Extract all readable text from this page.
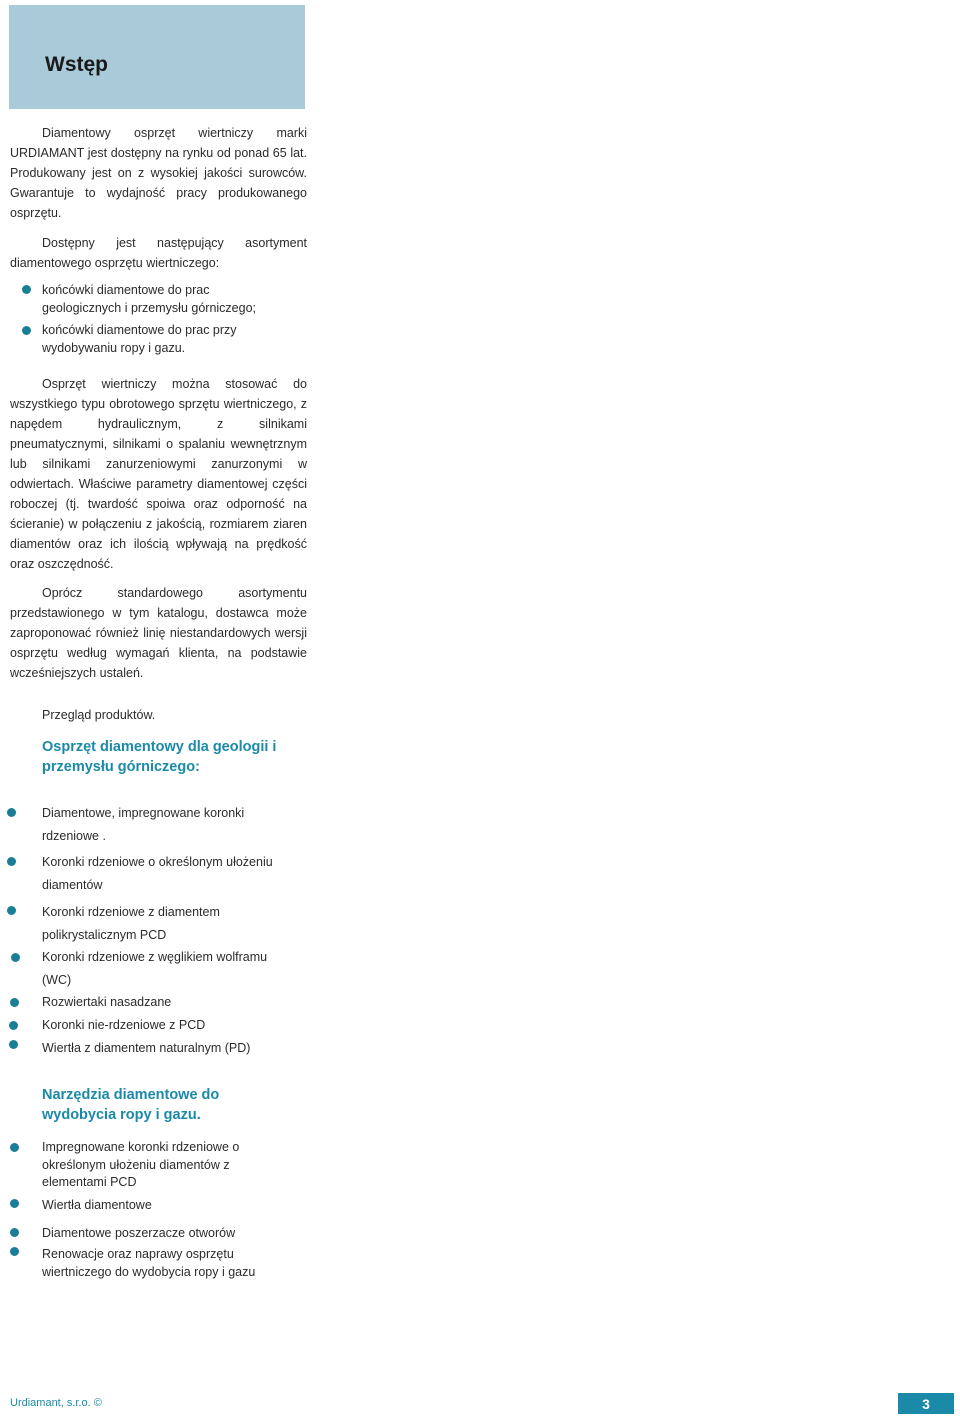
Wstęp

Diamentowy osprzęt wiertniczy marki URDIAMANT jest dostępny na rynku od ponad 65 lat. Produkowany jest on z wysokiej jakości surowców. Gwarantuje to wydajność pracy produkowanego osprzętu.

Dostępny jest następujący asortyment diamentowego osprzętu wiertniczego:

końcówki diamentowe do prac geologicznych i przemysłu górniczego;
końcówki diamentowe do prac przy wydobywaniu ropy i gazu.

Osprzęt wiertniczy można stosować do wszystkiego typu obrotowego sprzętu wiertniczego, z napędem hydraulicznym, z silnikami pneumatycznymi, silnikami o spalaniu wewnętrznym lub silnikami zanurzeniowymi zanurzonymi w odwiertach. Właściwe parametry diamentowej części roboczej (tj. twardość spoiwa oraz odporność na ścieranie) w połączeniu z jakością, rozmiarem ziaren diamentów oraz ich ilością wpływają na prędkość oraz oszczędność.

Oprócz standardowego asortymentu przedstawionego w tym katalogu, dostawca może zaproponować również linię niestandardowych wersji osprzętu według wymagań klienta, na podstawie wcześniejszych ustaleń.

Przegląd produktów.
Osprzęt diamentowy dla geologii i przemysłu górniczego:
Diamentowe, impregnowane koronki rdzeniowe .
Koronki rdzeniowe o określonym ułożeniu diamentów
Koronki rdzeniowe z diamentem polikrystalicznym PCD
Koronki rdzeniowe z węglikiem wolframu (WC)
Rozwiertaki nasadzane
Koronki nie-rdzeniowe z PCD
Wiertła z diamentem naturalnym (PD)
Narzędzia diamentowe do wydobycia ropy i gazu.
Impregnowane koronki rdzeniowe o określonym ułożeniu diamentów z elementami PCD
Wiertła diamentowe
Diamentowe poszerzacze otworów
Renowacje oraz naprawy osprzętu wiertniczego do wydobycia ropy i gazu
Urdiamant, s.r.o. ©	3
